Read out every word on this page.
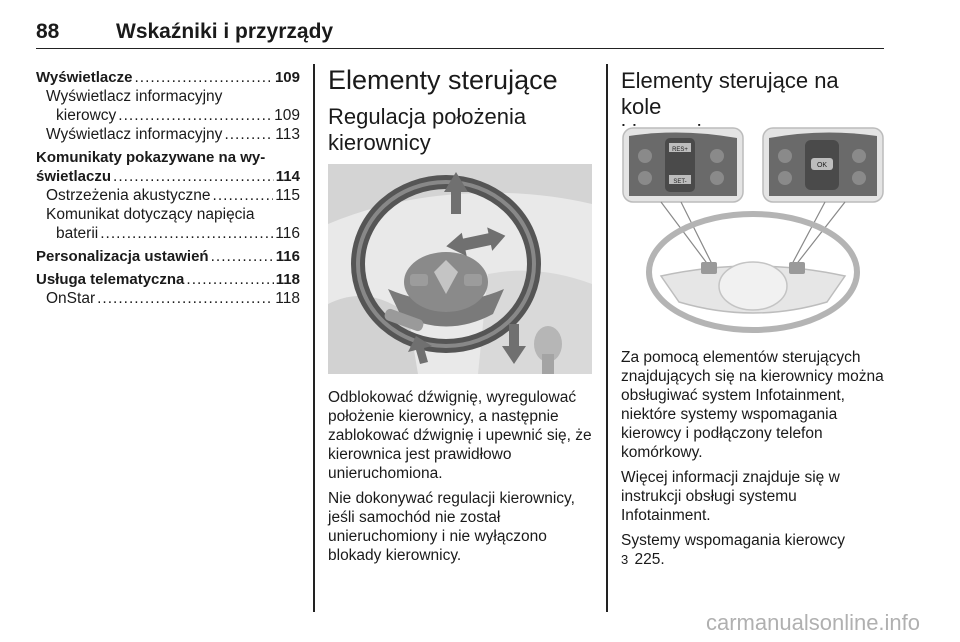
88	Wskaźniki i przyrządy
Wyświetlacze .....	109
Wyświetlacz informacyjny
kierowcy .....	109
Wyświetlacz informacyjny .....	113
Komunikaty pokazywane na wy-
świetlaczu .....	114
Ostrzeżenia akustyczne .....	115
Komunikat dotyczący napięcia
baterii .....	116
Personalizacja ustawień .....	116
Usługa telematyczna .....	118
OnStar .....	118
Elementy sterujące
Regulacja położenia
kierownicy

Odblokować dźwignię, wyregulować położenie kierownicy, a następnie zablokować dźwignię i upewnić się, że kierownica jest prawidłowo unieruchomiona.

Nie dokonywać regulacji kierownicy, jeśli samochód nie został unieruchomiony i nie wyłączono blokady kierownicy.

Elementy sterujące na kole
RES+
SET-
OK

Za pomocą elementów sterujących znajdujących się na kierownicy można obsługiwać system Infotainment, niektóre systemy wspomagania kierowcy i podłączony telefon komórkowy.

Więcej informacji znajduje się w instrukcji obsługi systemu Infotainment.

Systemy wspomagania kierowcy
3 225.

carmanualsonline.info
